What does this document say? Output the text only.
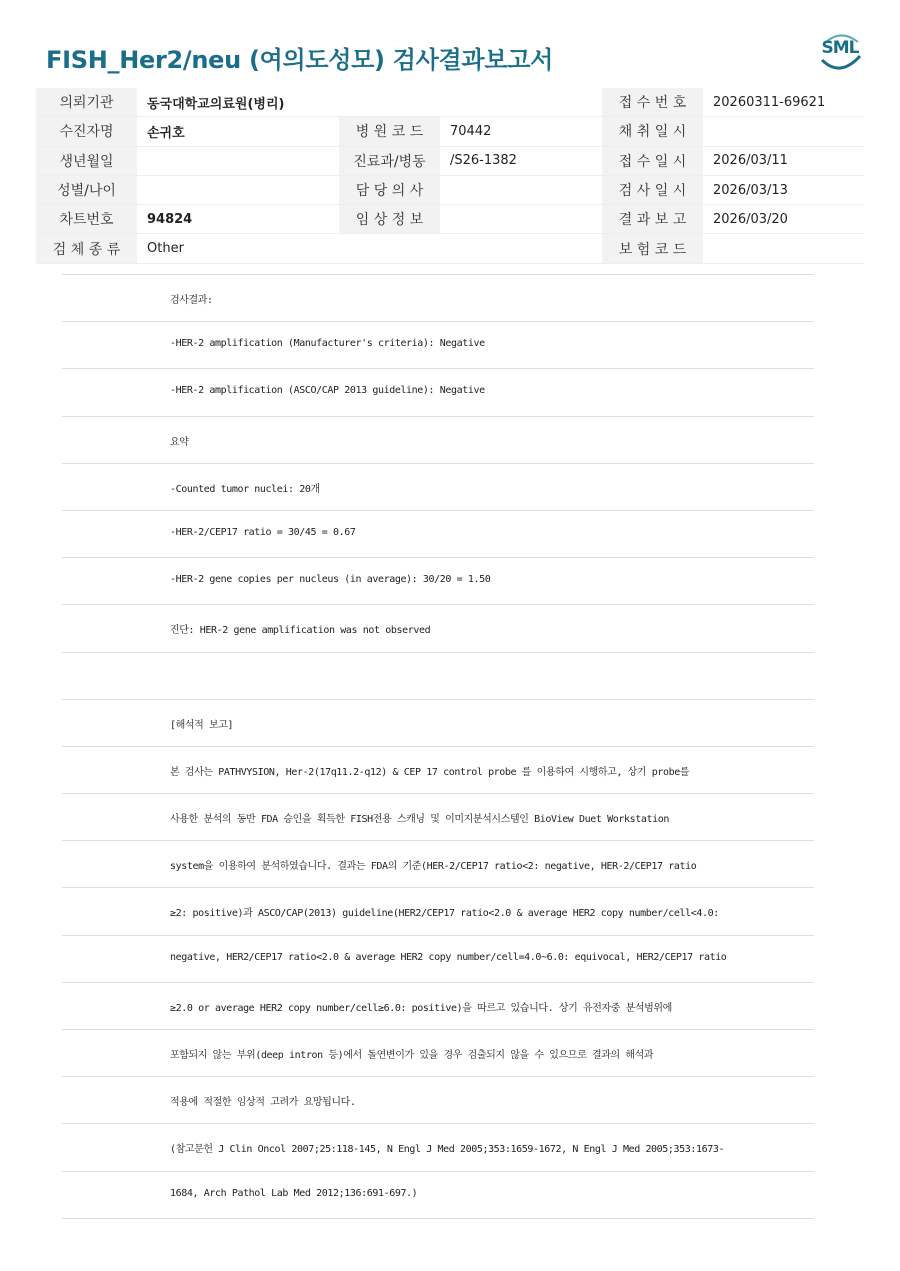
FISH_Her2/neu (여의도성모) 검사결과보고서	SML
의뢰기관	동국대학교의료원(병리)			접 수 번 호	20260311-69621
수진자명	손귀호	병 원 코 드	70442	채 취 일 시	
생년월일		진료과/병동	/S26-1382	접 수 일 시	2026/03/11
성별/나이		담 당 의 사		검 사 일 시	2026/03/13
차트번호	94824	임 상 정 보		결 과 보 고	2026/03/20
검 체 종 류	Other			보 험 코 드	
검사결과:
-HER-2 amplification (Manufacturer's criteria): Negative
-HER-2 amplification (ASCO/CAP 2013 guideline): Negative
요약
-Counted tumor nuclei: 20개
-HER-2/CEP17 ratio = 30/45 = 0.67
-HER-2 gene copies per nucleus (in average): 30/20 = 1.50
진단: HER-2 gene amplification was not observed
[해석적 보고]
본 검사는 PATHVYSION, Her-2(17q11.2-q12) & CEP 17 control probe 를 이용하여 시행하고, 상기 probe를
사용한 분석의 동반 FDA 승인을 획득한 FISH전용 스캐닝 및 이미지분석시스템인 BioView Duet Workstation
system을 이용하여 분석하였습니다. 결과는 FDA의 기준(HER-2/CEP17 ratio<2: negative, HER-2/CEP17 ratio
≥2: positive)과 ASCO/CAP(2013) guideline(HER2/CEP17 ratio<2.0 & average HER2 copy number/cell<4.0:
negative, HER2/CEP17 ratio<2.0 & average HER2 copy number/cell=4.0~6.0: equivocal, HER2/CEP17 ratio
≥2.0 or average HER2 copy number/cell≥6.0: positive)을 따르고 있습니다. 상기 유전자중 분석범위에
포함되지 않는 부위(deep intron 등)에서 돌연변이가 있을 경우 검출되지 않을 수 있으므로 결과의 해석과
적용에 적절한 임상적 고려가 요망됩니다.
(참고문헌 J Clin Oncol 2007;25:118-145, N Engl J Med 2005;353:1659-1672, N Engl J Med 2005;353:1673-
1684, Arch Pathol Lab Med 2012;136:691-697.)
